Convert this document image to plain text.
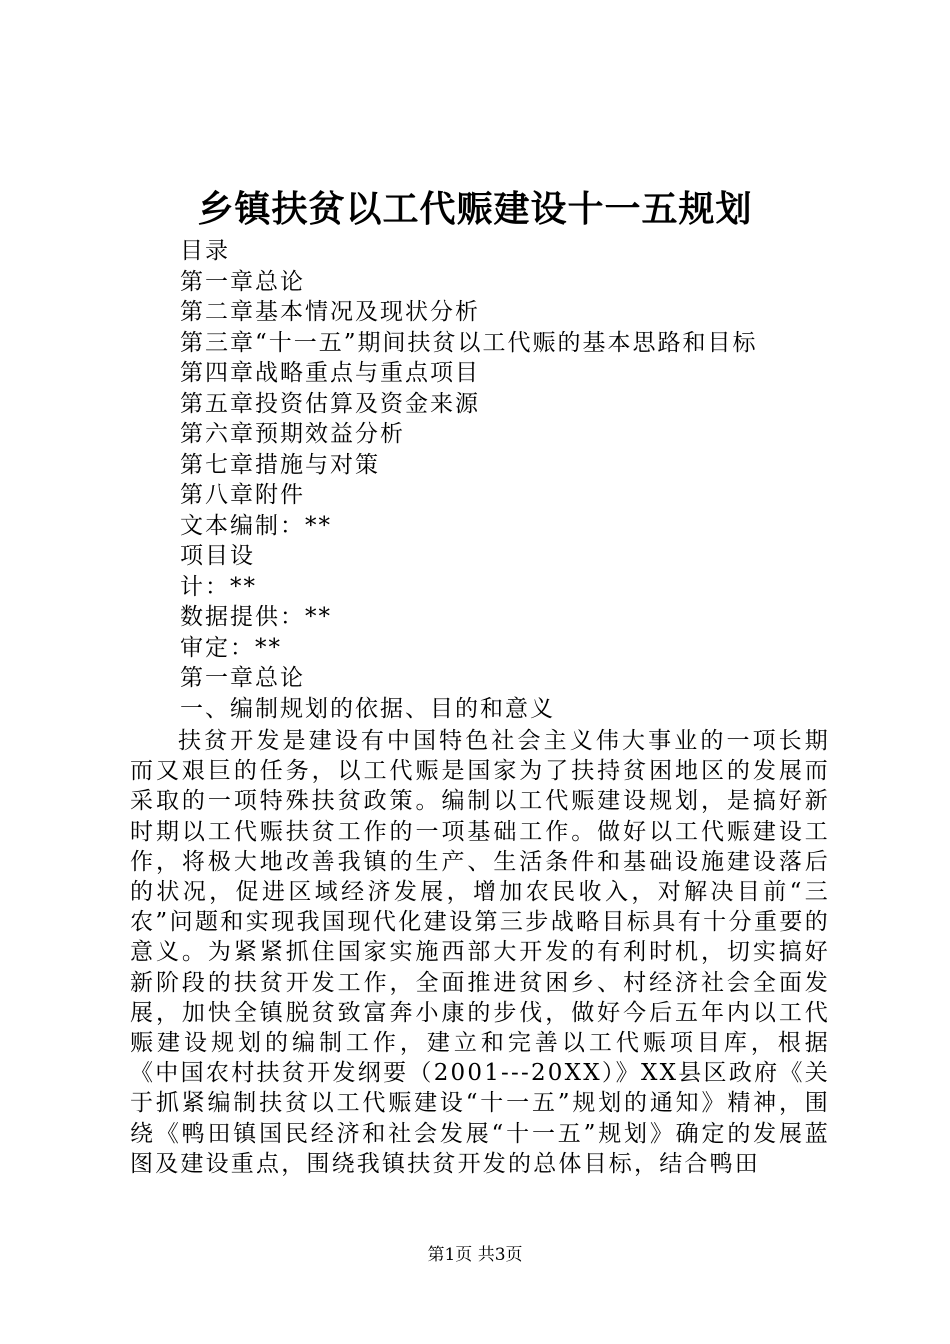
乡镇扶贫以工代赈建设十一五规划
目录
第一章总论
第二章基本情况及现状分析
第三章“十一五”期间扶贫以工代赈的基本思路和目标
第四章战略重点与重点项目
第五章投资估算及资金来源
第六章预期效益分析
第七章措施与对策
第八章附件
文本编制：**
项目设
计：**
数据提供：**
审定：**
第一章总论
一、编制规划的依据、目的和意义

扶贫开发是建设有中国特色社会主义伟大事业的一项长期而又艰巨的任务，以工代赈是国家为了扶持贫困地区的发展而采取的一项特殊扶贫政策。编制以工代赈建设规划，是搞好新时期以工代赈扶贫工作的一项基础工作。做好以工代赈建设工作，将极大地改善我镇的生产、生活条件和基础设施建设落后的状况，促进区域经济发展，增加农民收入，对解决目前“三农”问题和实现我国现代化建设第三步战略目标具有十分重要的意义。为紧紧抓住国家实施西部大开发的有利时机，切实搞好新阶段的扶贫开发工作，全面推进贫困乡、村经济社会全面发展，加快全镇脱贫致富奔小康的步伐，做好今后五年内以工代赈建设规划的编制工作，建立和完善以工代赈项目库，根据《中国农村扶贫开发纲要（2001---20XX）》XX县区政府《关于抓紧编制扶贫以工代赈建设“十一五”规划的通知》精神，围绕《鸭田镇国民经济和社会发展“十一五”规划》确定的发展蓝图及建设重点，围绕我镇扶贫开发的总体目标，结合鸭田

第1页 共3页
